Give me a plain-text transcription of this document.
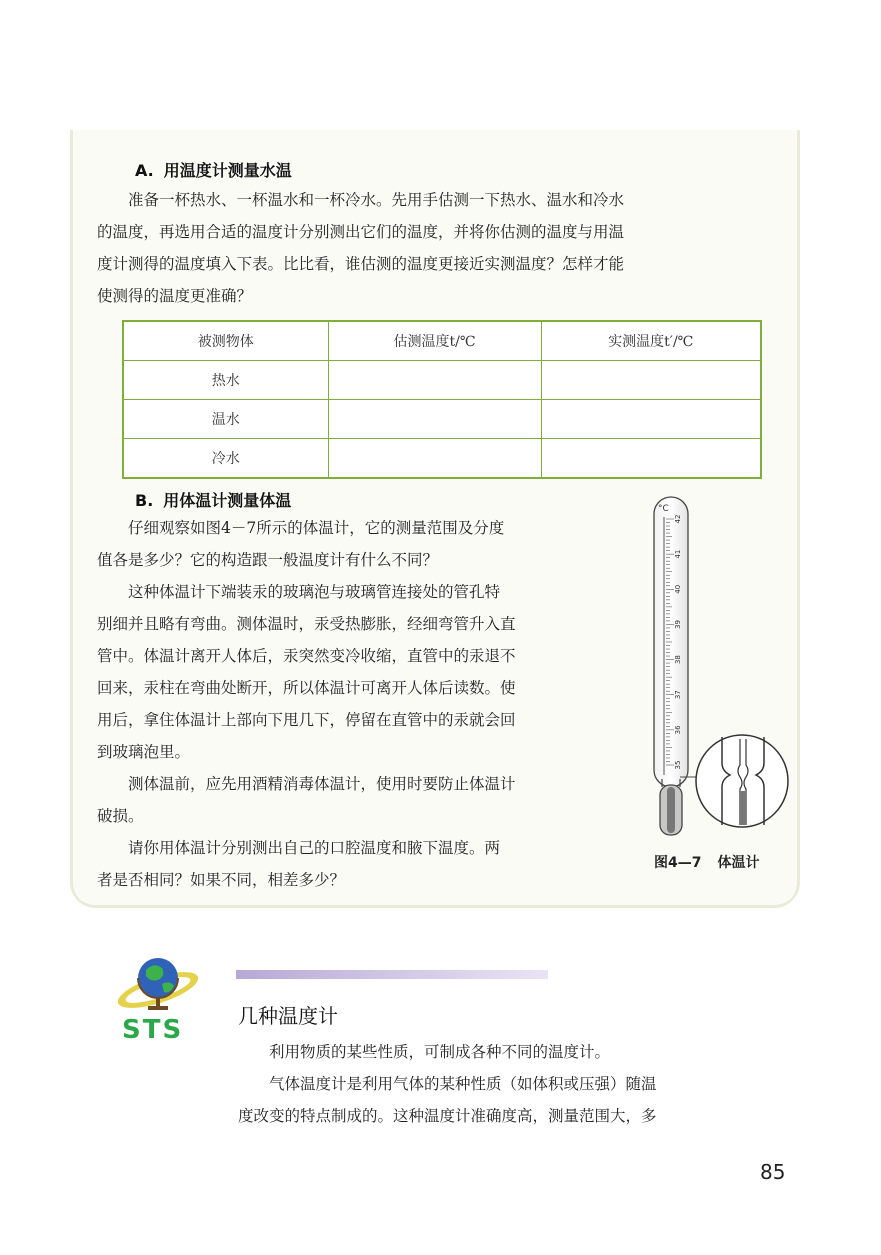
A. 用温度计测量水温

准备一杯热水、一杯温水和一杯冷水。先用手估测一下热水、温水和冷水
的温度，再选用合适的温度计分别测出它们的温度，并将你估测的温度与用温
度计测得的温度填入下表。比比看，谁估测的温度更接近实测温度？怎样才能
使测得的温度更准确？

被测物体	估测温度t/℃	实测温度t′/℃
热水		
温水		
冷水		
B. 用体温计测量体温

仔细观察如图4－7所示的体温计，它的测量范围及分度
值各是多少？它的构造跟一般温度计有什么不同？
这种体温计下端装汞的玻璃泡与玻璃管连接处的管孔特
别细并且略有弯曲。测体温时，汞受热膨胀，经细弯管升入直
管中。体温计离开人体后，汞突然变冷收缩，直管中的汞退不
回来，汞柱在弯曲处断开，所以体温计可离开人体后读数。使
用后，拿住体温计上部向下甩几下，停留在直管中的汞就会回
到玻璃泡里。
测体温前，应先用酒精消毒体温计，使用时要防止体温计
破损。
请你用体温计分别测出自己的口腔温度和腋下温度。两
者是否相同？如果不同，相差多少？

35
36
37
38
39
40
41
42
°C
图4—7 体温计
STS	几种温度计

利用物质的某些性质，可制成各种不同的温度计。
气体温度计是利用气体的某种性质（如体积或压强）随温
度改变的特点制成的。这种温度计准确度高，测量范围大，多

85
